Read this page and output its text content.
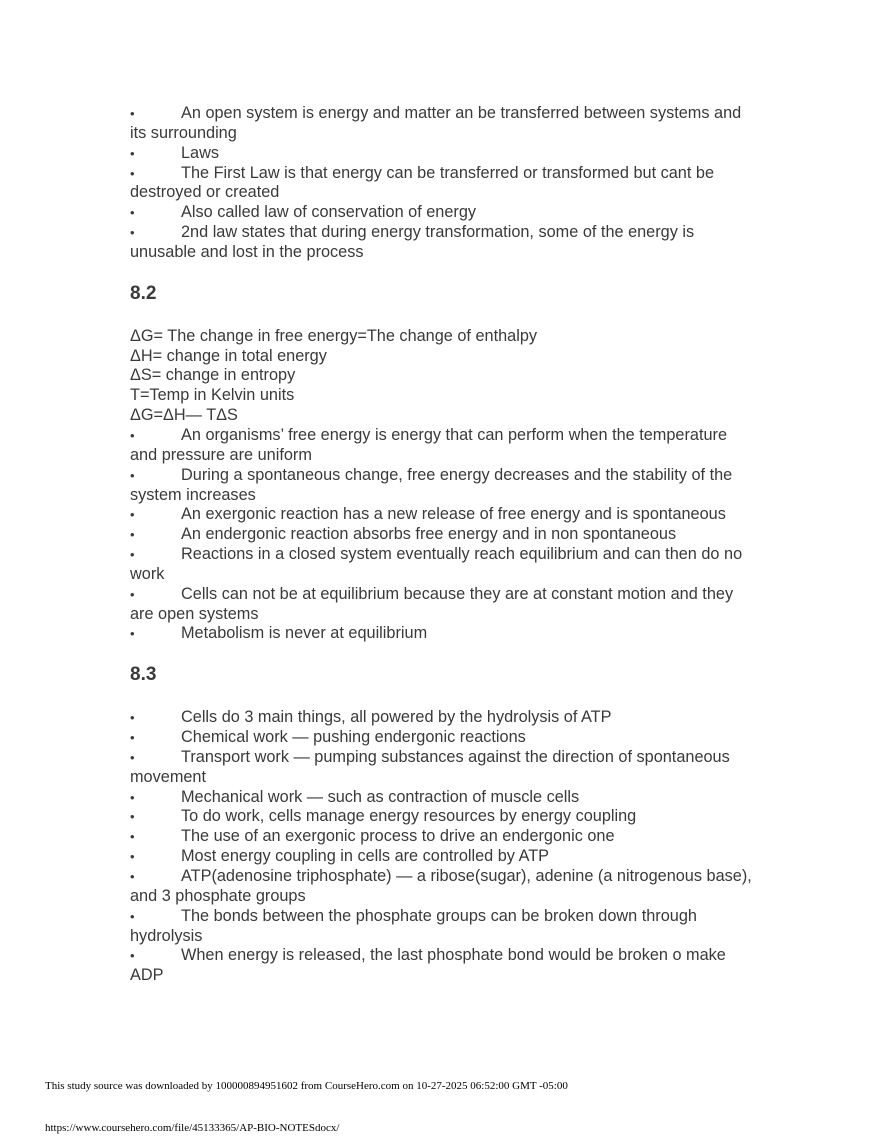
•	An open system is energy and matter an be transferred between systems and its surrounding

•	Laws

•	The First Law is that energy can be transferred or transformed but cant be destroyed or created

•	Also called law of conservation of energy

•	2nd law states that during energy transformation, some of the energy is unusable and lost in the process

8.2

ΔG= The change in free energy=The change of enthalpy

ΔH= change in total energy

ΔS= change in entropy

T=Temp in Kelvin units

ΔG=ΔH— TΔS

•	An organisms’ free energy is energy that can perform when the temperature and pressure are uniform

•	During a spontaneous change, free energy decreases and the stability of the system increases

•	An exergonic reaction has a new release of free energy and is spontaneous

•	An endergonic reaction absorbs free energy and in non spontaneous

•	Reactions in a closed system eventually reach equilibrium and can then do no work

•	Cells can not be at equilibrium because they are at constant motion and they are open systems

•	Metabolism is never at equilibrium

8.3

•	Cells do 3 main things, all powered by the hydrolysis of ATP

•	Chemical work — pushing endergonic reactions

•	Transport work — pumping substances against the direction of spontaneous movement

•	Mechanical work — such as contraction of muscle cells

•	To do work, cells manage energy resources by energy coupling

•	The use of an exergonic process to drive an endergonic one

•	Most energy coupling in cells are controlled by ATP

•	ATP(adenosine triphosphate) — a ribose(sugar), adenine (a nitrogenous base), and 3 phosphate groups

•	The bonds between the phosphate groups can be broken down through hydrolysis

•	When energy is released, the last phosphate bond would be broken o make ADP

This study source was downloaded by 100000894951602 from CourseHero.com on 10-27-2025 06:52:00 GMT -05:00
https://www.coursehero.com/file/45133365/AP-BIO-NOTESdocx/
